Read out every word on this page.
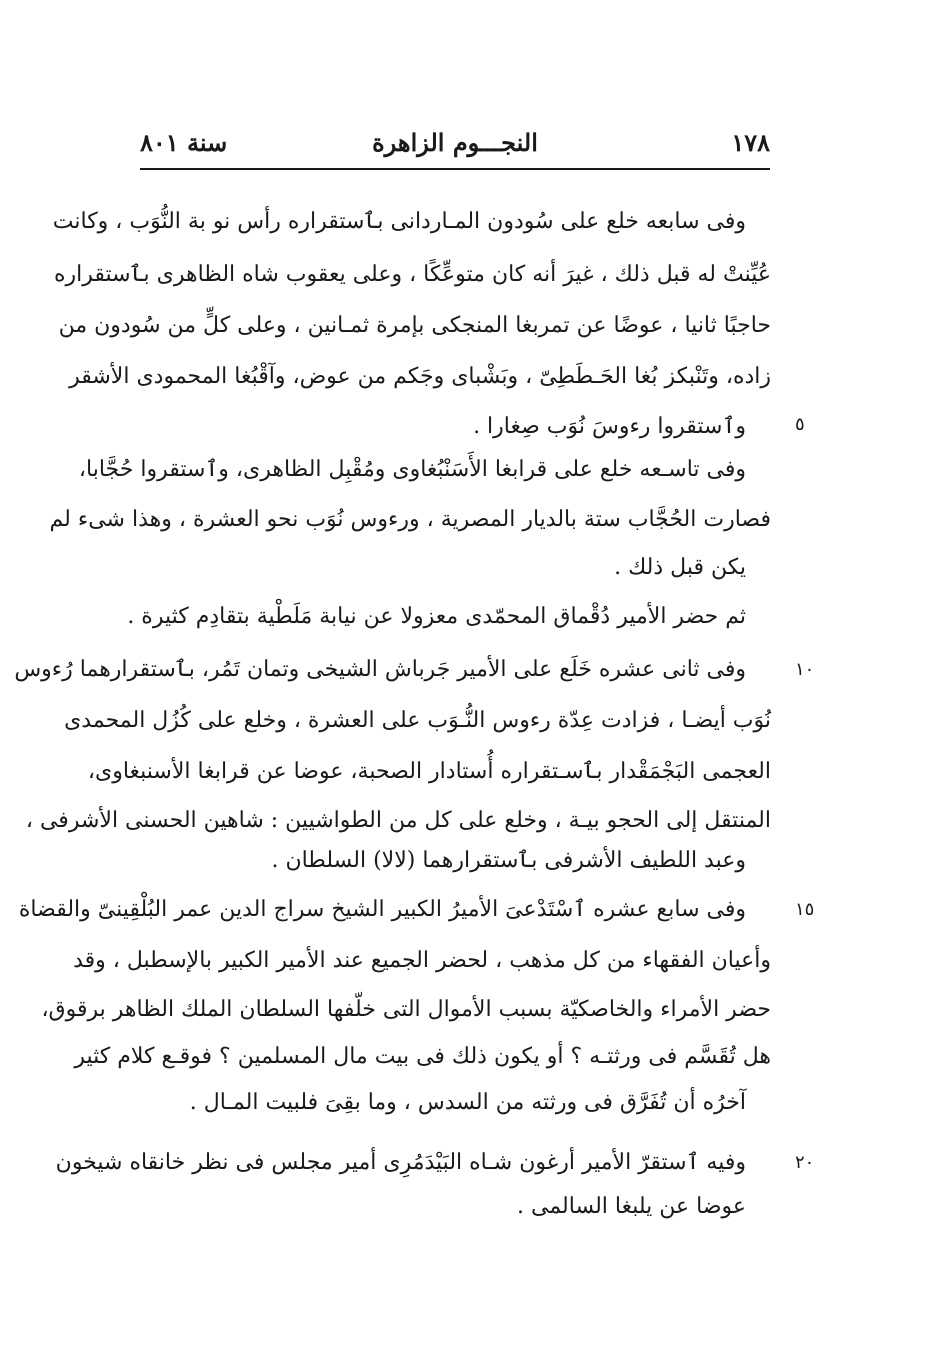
١٧٨
النجـــوم الزاهرة
سنة ٨٠١
وفى سابعه خلع على سُودون المـاردانى بٱستقراره رأس نو بة النُّوَب ، وكانت
عُيِّنتْ له قبل ذلك ، غيرَ أنه كان متوعِّكًا ، وعلى يعقوب شاه الظاهرى بٱستقراره
حاجبًا ثانيا ، عوضًا عن تمربغا المنجكى بإمرة ثمـانين ، وعلى كلٍّ من سُودون من
زاده، وتَنْبكز بُغا الحَـطَطِىّ ، وبَشْباى وجَكم من عوض، وآقْبُغا المحمودى الأشقر
وٱستقروا رءوسَ نُوَب صِغارا .	٥
وفى تاسـعه خلع على قرابغا الأَسَنْبُغاوى ومُقْبِل الظاهرى، وٱستقروا حُجَّابا،
فصارت الحُجَّاب ستة بالديار المصرية ، ورءوس نُوَب نحو العشرة ، وهذا شىء لم
يكن قبل ذلك .
ثم حضر الأمير دُقْماق المحمّدى معزولا عن نيابة مَلَطْية بتقادِم كثيرة .
وفى ثانى عشره خَلَع على الأمير جَرباش الشيخى وتمان تَمُر، بٱستقرارهما رُءوس	١٠
نُوَب أيضـا ، فزادت عِدّة رءوس النُّـوَب على العشرة ، وخلع على كُزُل المحمدى
العجمى البَجْمَقْدار بٱسـتقراره أُستادار الصحبة، عوضا عن قرابغا الأسنبغاوى،
المنتقل إلى الحجو بيـة ، وخلع على كل من الطواشيين : شاهين الحسنى الأشرفى ،
وعبد اللطيف الأشرفى بٱستقرارهما (لالا) السلطان .
وفى سابع عشره ٱسْتَدْعىَ الأميرُ الكبير الشيخ سراج الدين عمر البُلْقِينىّ والقضاة	١٥
وأعيان الفقهاء من كل مذهب ، لحضر الجميع عند الأمير الكبير بالإسطبل ، وقد
حضر الأمراء والخاصكيّة بسبب الأموال التى خلّفها السلطان الملك الظاهر برقوق،
هل تُقَسَّم فى ورثتـه ؟ أو يكون ذلك فى بيت مال المسلمين ؟ فوقـع كلام كثير
آخرُه أن تُفَرَّق فى ورثته من السدس ، وما بقِىَ فلبيت المـال .
وفيه ٱستقرّ الأمير أرغون شـاه البَيْدَمُرِى أمير مجلس فى نظر خانقاه شيخون	٢٠
عوضا عن يلبغا السالمى .
